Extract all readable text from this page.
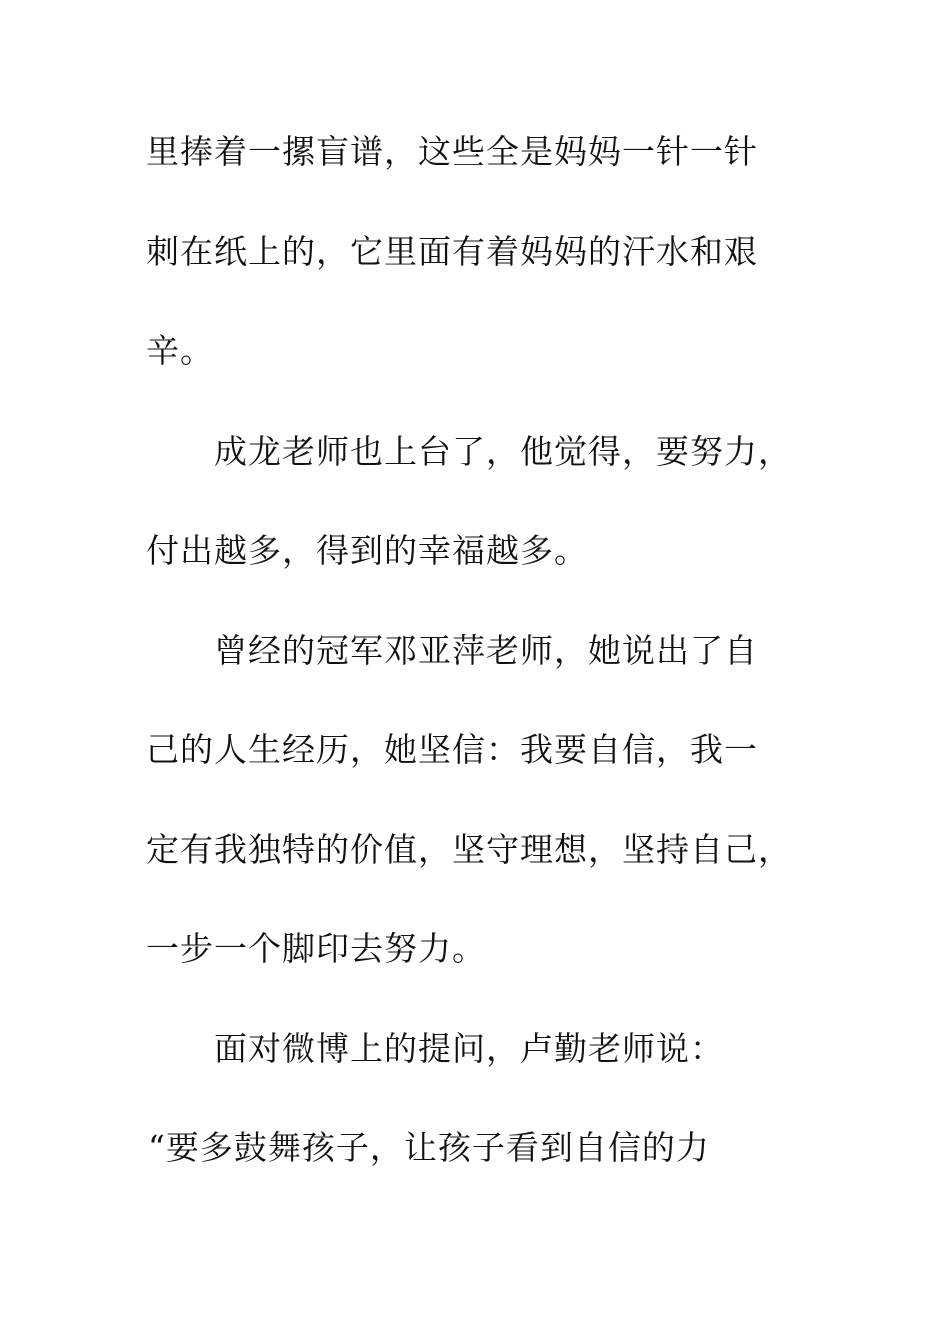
里捧着一摞盲谱，这些全是妈妈一针一针
刺在纸上的，它里面有着妈妈的汗水和艰
辛。
成龙老师也上台了，他觉得，要努力，
付出越多，得到的幸福越多。
曾经的冠军邓亚萍老师，她说出了自
己的人生经历，她坚信：我要自信，我一
定有我独特的价值，坚守理想，坚持自己，
一步一个脚印去努力。
面对微博上的提问，卢勤老师说：
“要多鼓舞孩子，让孩子看到自信的力
